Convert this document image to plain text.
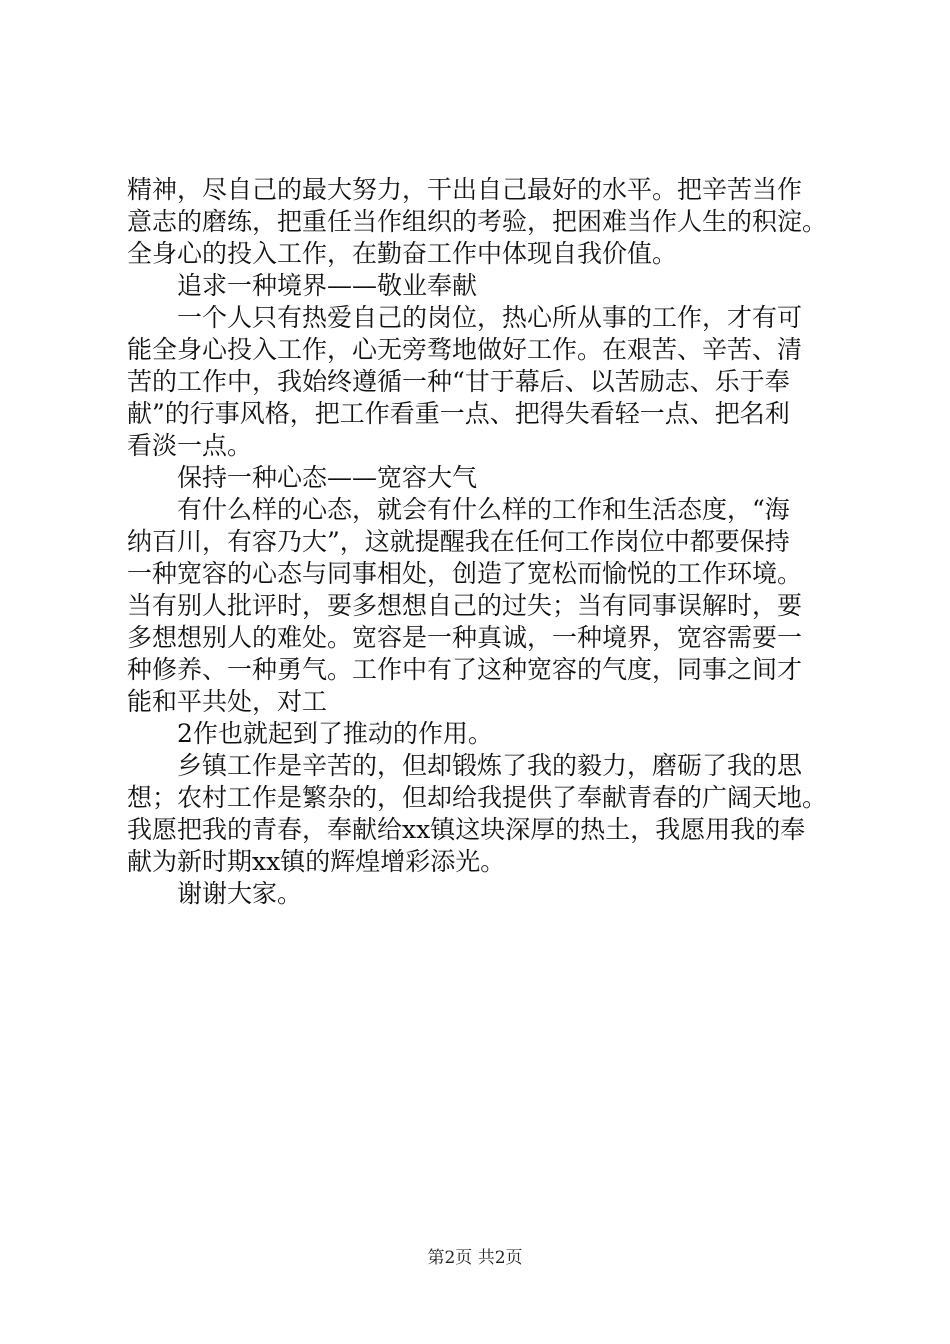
精神，尽自己的最大努力，干出自己最好的水平。把辛苦当作
意志的磨练，把重任当作组织的考验，把困难当作人生的积淀。
全身心的投入工作，在勤奋工作中体现自我价值。
追求一种境界——敬业奉献
一个人只有热爱自己的岗位，热心所从事的工作，才有可
能全身心投入工作，心无旁骛地做好工作。在艰苦、辛苦、清
苦的工作中，我始终遵循一种“甘于幕后、以苦励志、乐于奉
献”的行事风格，把工作看重一点、把得失看轻一点、把名利
看淡一点。
保持一种心态——宽容大气
有什么样的心态，就会有什么样的工作和生活态度，“海
纳百川，有容乃大”，这就提醒我在任何工作岗位中都要保持
一种宽容的心态与同事相处，创造了宽松而愉悦的工作环境。
当有别人批评时，要多想想自己的过失；当有同事误解时，要
多想想别人的难处。宽容是一种真诚，一种境界，宽容需要一
种修养、一种勇气。工作中有了这种宽容的气度，同事之间才
能和平共处，对工
2作也就起到了推动的作用。
乡镇工作是辛苦的，但却锻炼了我的毅力，磨砺了我的思
想；农村工作是繁杂的，但却给我提供了奉献青春的广阔天地。
我愿把我的青春，奉献给xx镇这块深厚的热土，我愿用我的奉
献为新时期xx镇的辉煌增彩添光。
谢谢大家。
第2页 共2页
